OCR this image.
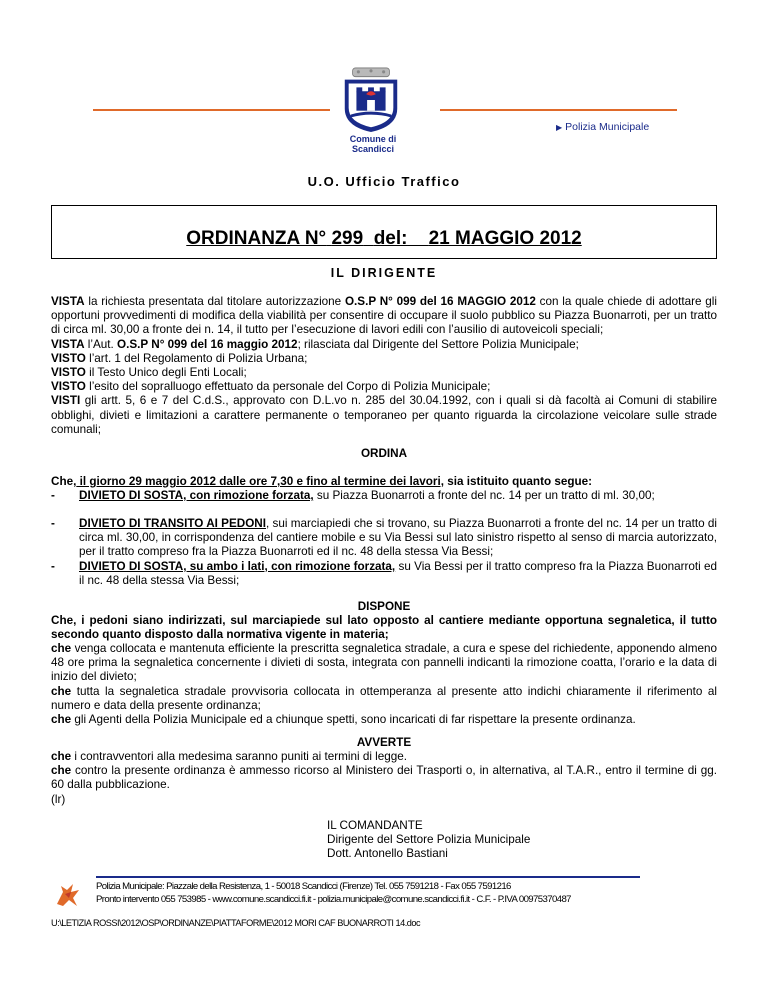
▶ Polizia Municipale
Comune di Scandicci
U.O. Ufficio Traffico
ORDINANZA N° 299 del: 21 MAGGIO 2012
IL DIRIGENTE
VISTA la richiesta presentata dal titolare autorizzazione O.S.P N° 099 del 16 MAGGIO 2012 con la quale chiede di adottare gli opportuni provvedimenti di modifica della viabilità per consentire di occupare il suolo pubblico su Piazza Buonarroti, per un tratto di circa ml. 30,00 a fronte dei n. 14, il tutto per l’esecuzione di lavori edili con l’ausilio di autoveicoli speciali;
VISTA l’Aut. O.S.P N° 099 del 16 maggio 2012; rilasciata dal Dirigente del Settore Polizia Municipale;
VISTO l’art. 1 del Regolamento di Polizia Urbana;
VISTO il Testo Unico degli Enti Locali;
VISTO l’esito del sopralluogo effettuato da personale del Corpo di Polizia Municipale;
VISTI gli artt. 5, 6 e 7 del C.d.S., approvato con D.L.vo n. 285 del 30.04.1992, con i quali si dà facoltà ai Comuni di stabilire obblighi, divieti e limitazioni a carattere permanente o temporaneo per quanto riguarda la circolazione veicolare sulle strade comunali;
ORDINA
Che, il giorno 29 maggio 2012 dalle ore 7,30 e fino al termine dei lavori, sia istituito quanto segue:
- DIVIETO DI SOSTA, con rimozione forzata, su Piazza Buonarroti a fronte del nc. 14 per un tratto di ml. 30,00;
- DIVIETO DI TRANSITO AI PEDONI, sui marciapiedi che si trovano, su Piazza Buonarroti a fronte del nc. 14 per un tratto di circa ml. 30,00, in corrispondenza del cantiere mobile e su Via Bessi sul lato sinistro rispetto al senso di marcia autorizzato, per il tratto compreso fra la Piazza Buonarroti ed il nc. 48 della stessa Via Bessi;
- DIVIETO DI SOSTA, su ambo i lati, con rimozione forzata, su Via Bessi per il tratto compreso fra la Piazza Buonarroti ed il nc. 48 della stessa Via Bessi;
DISPONE
Che, i pedoni siano indirizzati, sul marciapiede sul lato opposto al cantiere mediante opportuna segnaletica, il tutto secondo quanto disposto dalla normativa vigente in materia;
che venga collocata e mantenuta efficiente la prescritta segnaletica stradale, a cura e spese del richiedente, apponendo almeno 48 ore prima la segnaletica concernente i divieti di sosta, integrata con pannelli indicanti la rimozione coatta, l’orario e la data di inizio del divieto;
che tutta la segnaletica stradale provvisoria collocata in ottemperanza al presente atto indichi chiaramente il riferimento al numero e data della presente ordinanza;
che gli Agenti della Polizia Municipale ed a chiunque spetti, sono incaricati di far rispettare la presente ordinanza.
AVVERTE
che i contravventori alla medesima saranno puniti ai termini di legge.
che contro la presente ordinanza è ammesso ricorso al Ministero dei Trasporti o, in alternativa, al T.A.R., entro il termine di gg. 60 dalla pubblicazione.
(lr)
IL COMANDANTE
Dirigente del Settore Polizia Municipale
Dott. Antonello Bastiani
Polizia Municipale: Piazzale della Resistenza, 1 - 50018 Scandicci (Firenze) Tel. 055 7591218 - Fax 055 7591216
Pronto intervento 055 753985 - www.comune.scandicci.fi.it - polizia.municipale@comune.scandicci.fi.it - C.F. - P.IVA 00975370487
U:\LETIZIA ROSSI\2012\OSP\ORDINANZE\PIATTAFORME\2012 MORI CAF BUONARROTI 14.doc
